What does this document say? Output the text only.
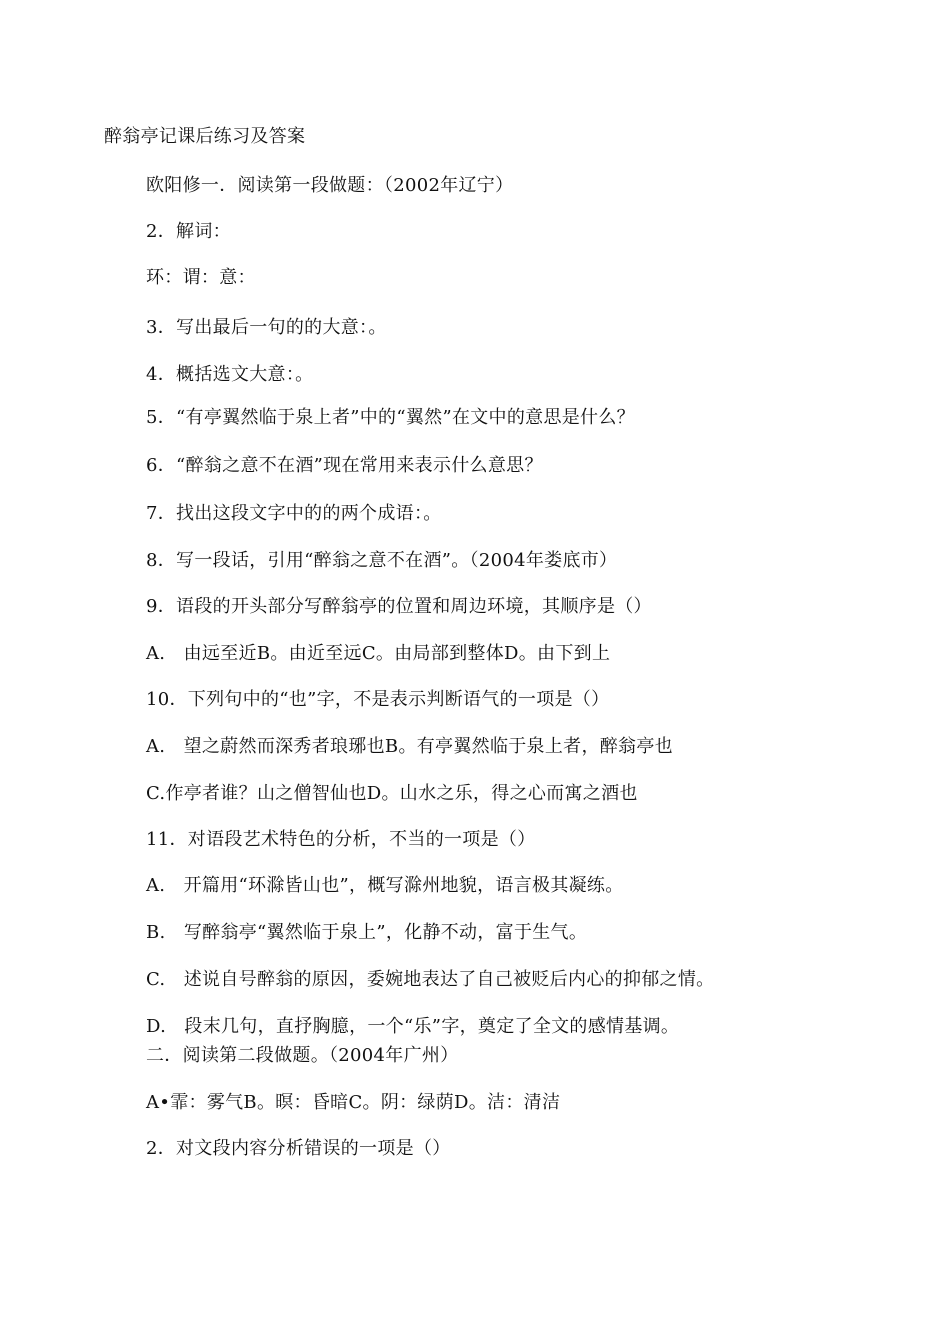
醉翁亭记课后练习及答案
欧阳修一．阅读第一段做题：（2002年辽宁）
2．解词：
环：谓：意：
3．写出最后一句的的大意：。
4．概括选文大意：。
5．“有亭翼然临于泉上者”中的“翼然”在文中的意思是什么？
6．“醉翁之意不在酒”现在常用来表示什么意思？
7．找出这段文字中的的两个成语：。
8．写一段话，引用“醉翁之意不在酒”。（2004年娄底市）
9．语段的开头部分写醉翁亭的位置和周边环境，其顺序是（）
A.　由远至近B。由近至远C。由局部到整体D。由下到上
10．下列句中的“也”字，不是表示判断语气的一项是（）
A.　望之蔚然而深秀者琅琊也B。有亭翼然临于泉上者，醉翁亭也
C.作亭者谁？山之僧智仙也D。山水之乐，得之心而寓之酒也
11．对语段艺术特色的分析，不当的一项是（）
A.　开篇用“环滁皆山也”，概写滁州地貌，语言极其凝练。
B.　写醉翁亭“翼然临于泉上”，化静不动，富于生气。
C.　述说自号醉翁的原因，委婉地表达了自己被贬后内心的抑郁之情。
D.　段末几句，直抒胸臆，一个“乐”字，奠定了全文的感情基调。
二．阅读第二段做题。（2004年广州）
A•霏：雾气B。暝：昏暗C。阴：绿荫D。洁：清洁
2．对文段内容分析错误的一项是（）
